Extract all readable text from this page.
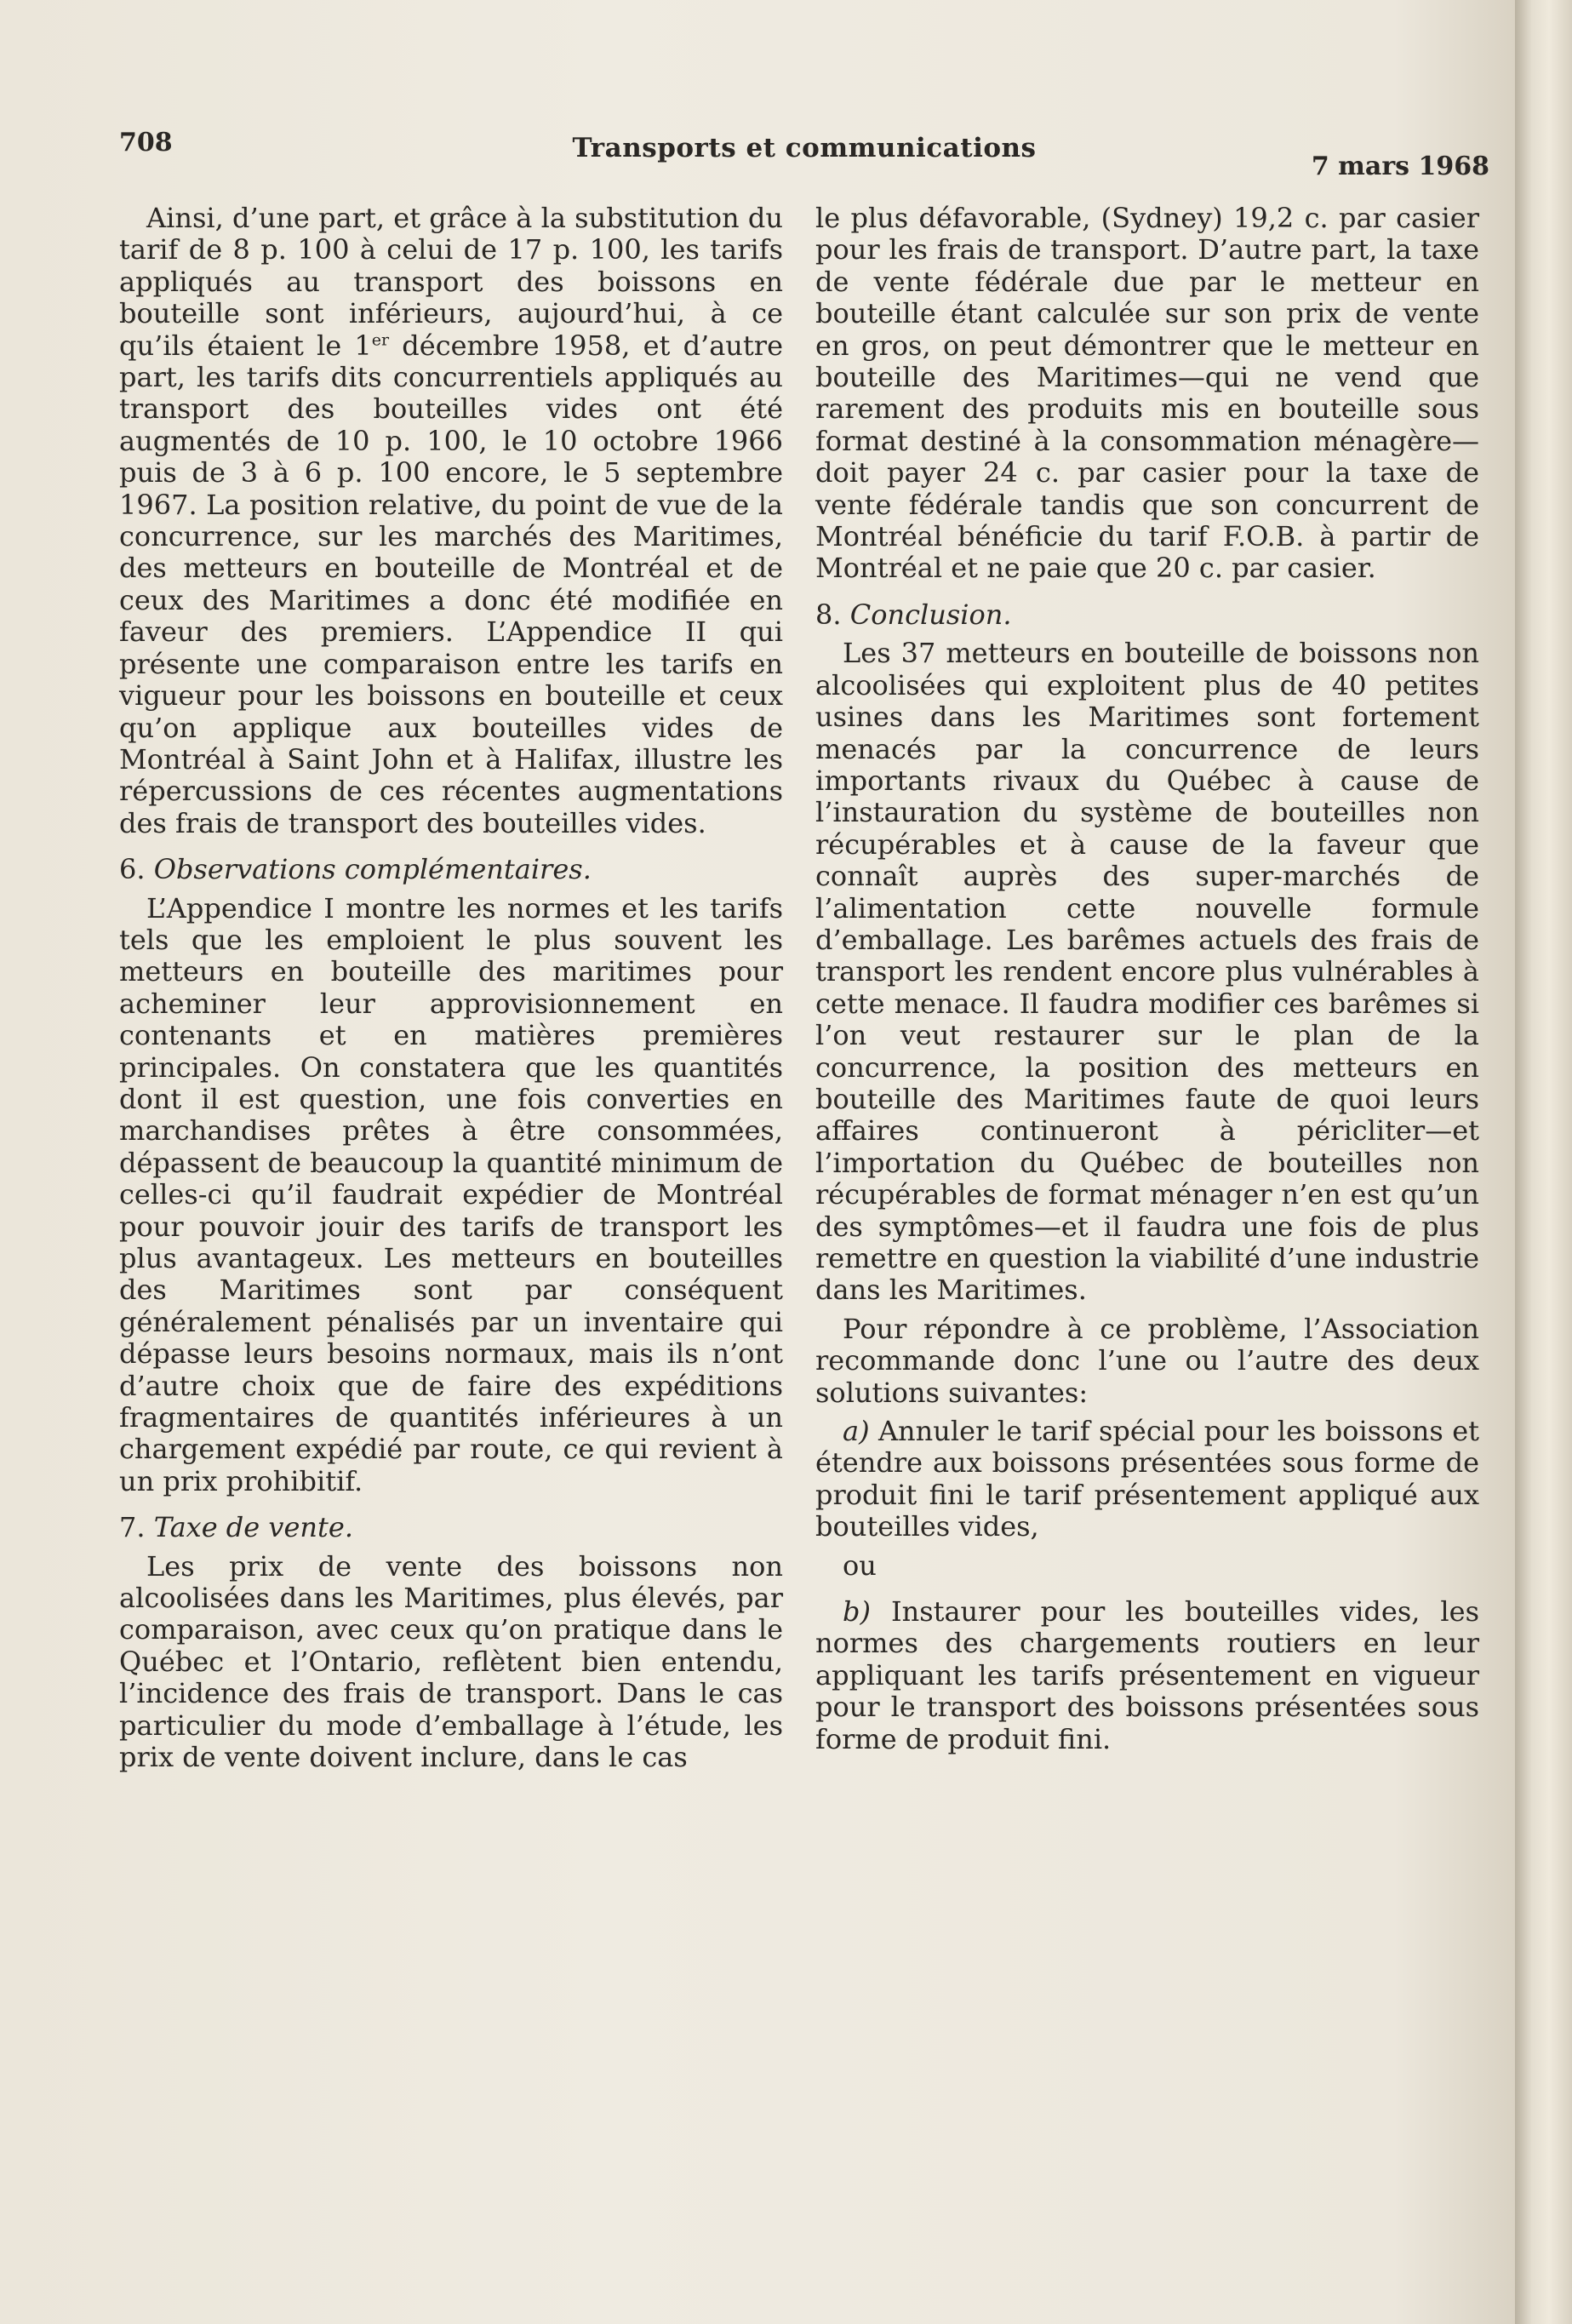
708	Transports et communications
7 mars 1968

Ainsi, d’une part, et grâce à la substitution du tarif de 8 p. 100 à celui de 17 p. 100, les tarifs appliqués au transport des boissons en bouteille sont inférieurs, aujourd’hui, à ce qu’ils étaient le 1er décembre 1958, et d’autre part, les tarifs dits concurrentiels appliqués au transport des bouteilles vides ont été augmentés de 10 p. 100, le 10 octobre 1966 puis de 3 à 6 p. 100 encore, le 5 septembre 1967. La position relative, du point de vue de la concurrence, sur les marchés des Maritimes, des metteurs en bouteille de Montréal et de ceux des Maritimes a donc été modifiée en faveur des premiers. L’Appendice II qui présente une comparaison entre les tarifs en vigueur pour les boissons en bouteille et ceux qu’on applique aux bouteilles vides de Montréal à Saint John et à Halifax, illustre les répercussions de ces récentes augmentations des frais de transport des bouteilles vides.

6. Observations complémentaires.

L’Appendice I montre les normes et les tarifs tels que les emploient le plus souvent les metteurs en bouteille des maritimes pour acheminer leur approvisionnement en contenants et en matières premières principales. On constatera que les quantités dont il est question, une fois converties en marchandises prêtes à être consommées, dépassent de beaucoup la quantité minimum de celles-ci qu’il faudrait expédier de Montréal pour pouvoir jouir des tarifs de transport les plus avantageux. Les metteurs en bouteilles des Maritimes sont par conséquent généralement pénalisés par un inventaire qui dépasse leurs besoins normaux, mais ils n’ont d’autre choix que de faire des expéditions fragmentaires de quantités inférieures à un chargement expédié par route, ce qui revient à un prix prohibitif.

7. Taxe de vente.

Les prix de vente des boissons non alcoolisées dans les Maritimes, plus élevés, par comparaison, avec ceux qu’on pratique dans le Québec et l’Ontario, reflètent bien entendu, l’incidence des frais de transport. Dans le cas particulier du mode d’emballage à l’étude, les prix de vente doivent inclure, dans le cas

le plus défavorable, (Sydney) 19,2 c. par casier pour les frais de transport. D’autre part, la taxe de vente fédérale due par le metteur en bouteille étant calculée sur son prix de vente en gros, on peut démontrer que le metteur en bouteille des Maritimes—qui ne vend que rarement des produits mis en bouteille sous format destiné à la consommation ménagère—doit payer 24 c. par casier pour la taxe de vente fédérale tandis que son concurrent de Montréal bénéficie du tarif F.O.B. à partir de Montréal et ne paie que 20 c. par casier.

8. Conclusion.

Les 37 metteurs en bouteille de boissons non alcoolisées qui exploitent plus de 40 petites usines dans les Maritimes sont fortement menacés par la concurrence de leurs importants rivaux du Québec à cause de l’instauration du système de bouteilles non récupérables et à cause de la faveur que connaît auprès des super-marchés de l’alimentation cette nouvelle formule d’emballage. Les barêmes actuels des frais de transport les rendent encore plus vulnérables à cette menace. Il faudra modifier ces barêmes si l’on veut restaurer sur le plan de la concurrence, la position des metteurs en bouteille des Maritimes faute de quoi leurs affaires continueront à péricliter—et l’importation du Québec de bouteilles non récupérables de format ménager n’en est qu’un des symptômes—et il faudra une fois de plus remettre en question la viabilité d’une industrie dans les Maritimes.

Pour répondre à ce problème, l’Association recommande donc l’une ou l’autre des deux solutions suivantes:

a) Annuler le tarif spécial pour les boissons et étendre aux boissons présentées sous forme de produit fini le tarif présentement appliqué aux bouteilles vides,

ou

b) Instaurer pour les bouteilles vides, les normes des chargements routiers en leur appliquant les tarifs présentement en vigueur pour le transport des boissons présentées sous forme de produit fini.
